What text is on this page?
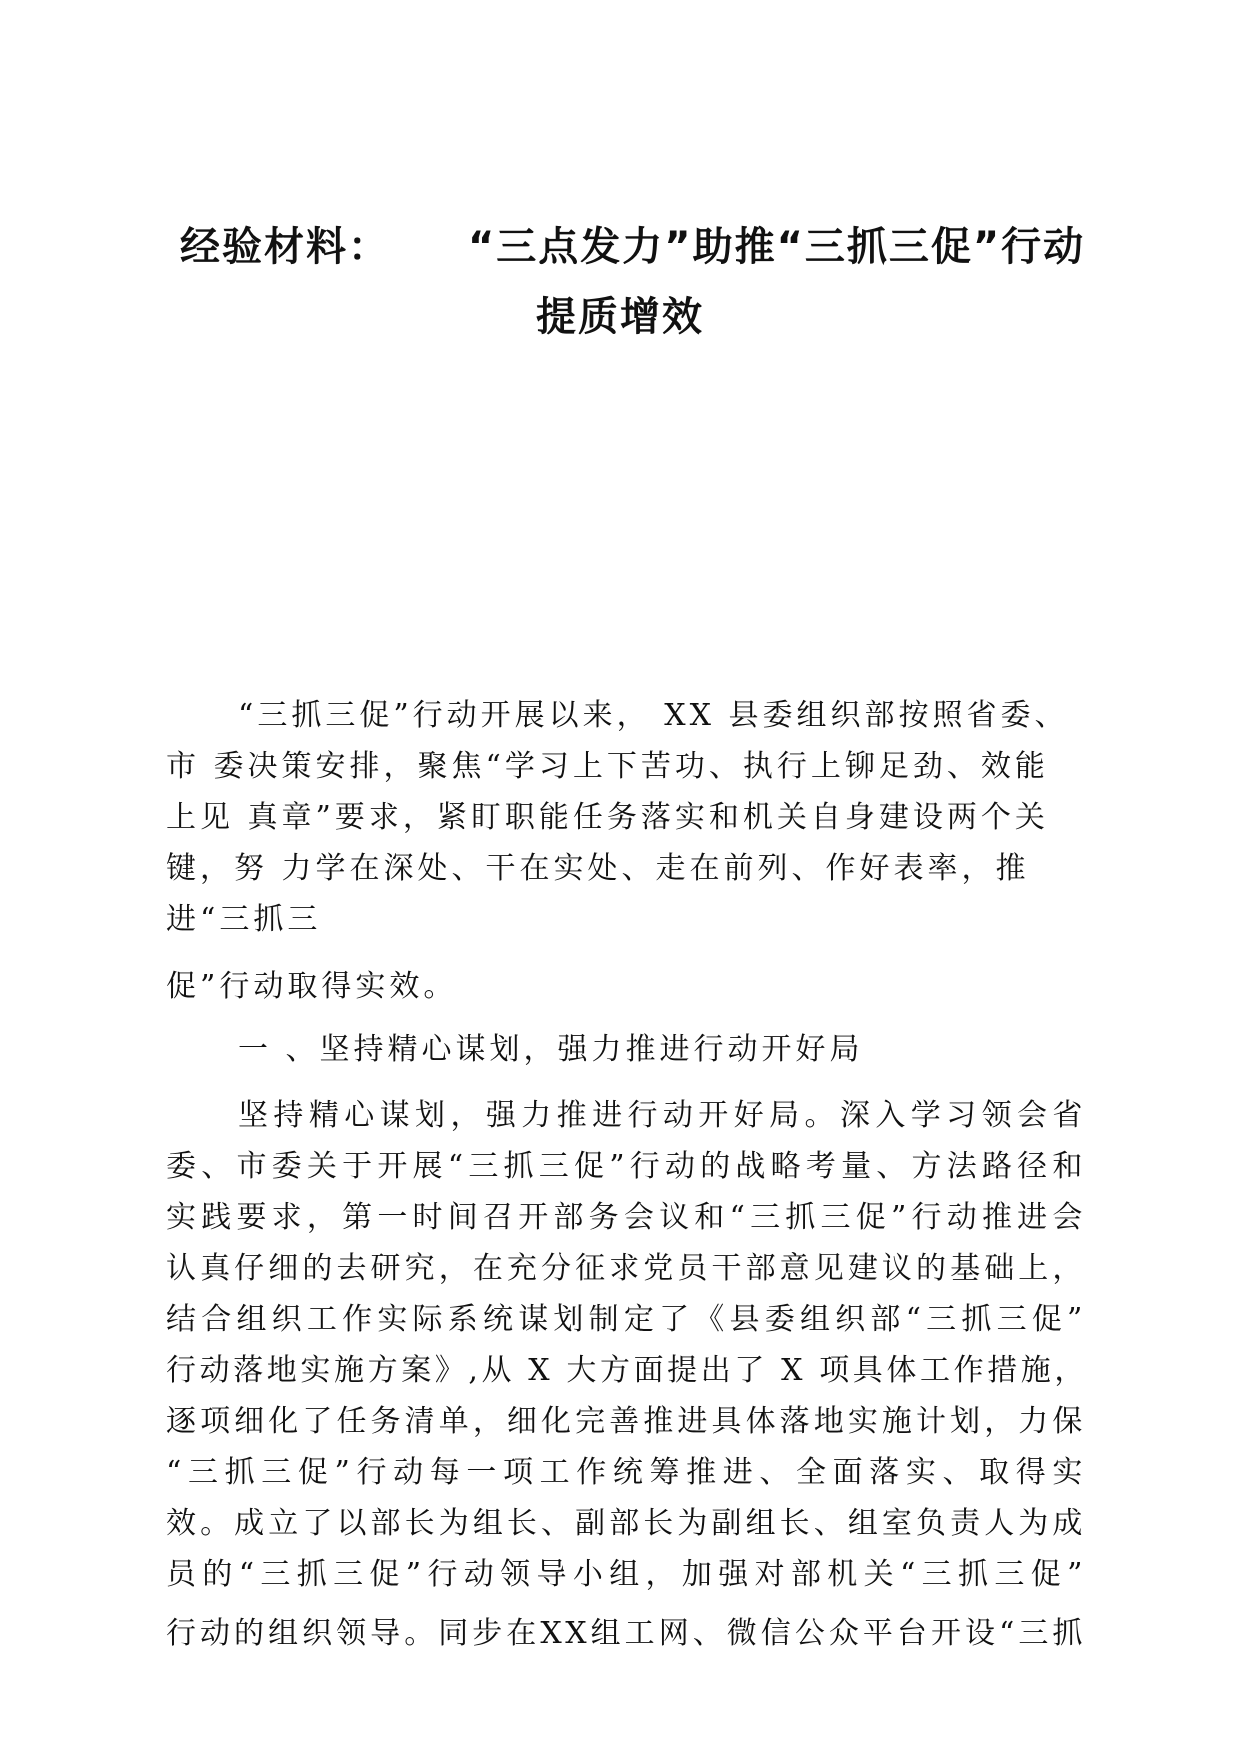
经验材料： “三点发力”助推“三抓三促”行动
提质增效
“三抓三促”行动开展以来， XX 县委组织部按照省委、
市 委决策安排，聚焦“学习上下苦功、执行上铆足劲、效能
上见 真章”要求，紧盯职能任务落实和机关自身建设两个关
键，努 力学在深处、干在实处、走在前列、作好表率，推
进“三抓三
促”行动取得实效。
一 、坚持精心谋划，强力推进行动开好局
坚持精心谋划，强力推进行动开好局。深入学习领会省
委、市委关于开展“三抓三促”行动的战略考量、方法路径和
实践要求，第一时间召开部务会议和“三抓三促”行动推进会
认真仔细的去研究，在充分征求党员干部意见建议的基础上，
结合组织工作实际系统谋划制定了《县委组织部“三抓三促”
行动落地实施方案》,从 X 大方面提出了 X 项具体工作措施，
逐项细化了任务清单，细化完善推进具体落地实施计划，力保
“三抓三促”行动每一项工作统筹推进、全面落实、取得实
效。成立了以部长为组长、副部长为副组长、组室负责人为成
员的“三抓三促”行动领导小组，加强对部机关“三抓三促”
行动的组织领导。同步在XX组工网、微信公众平台开设“三抓
